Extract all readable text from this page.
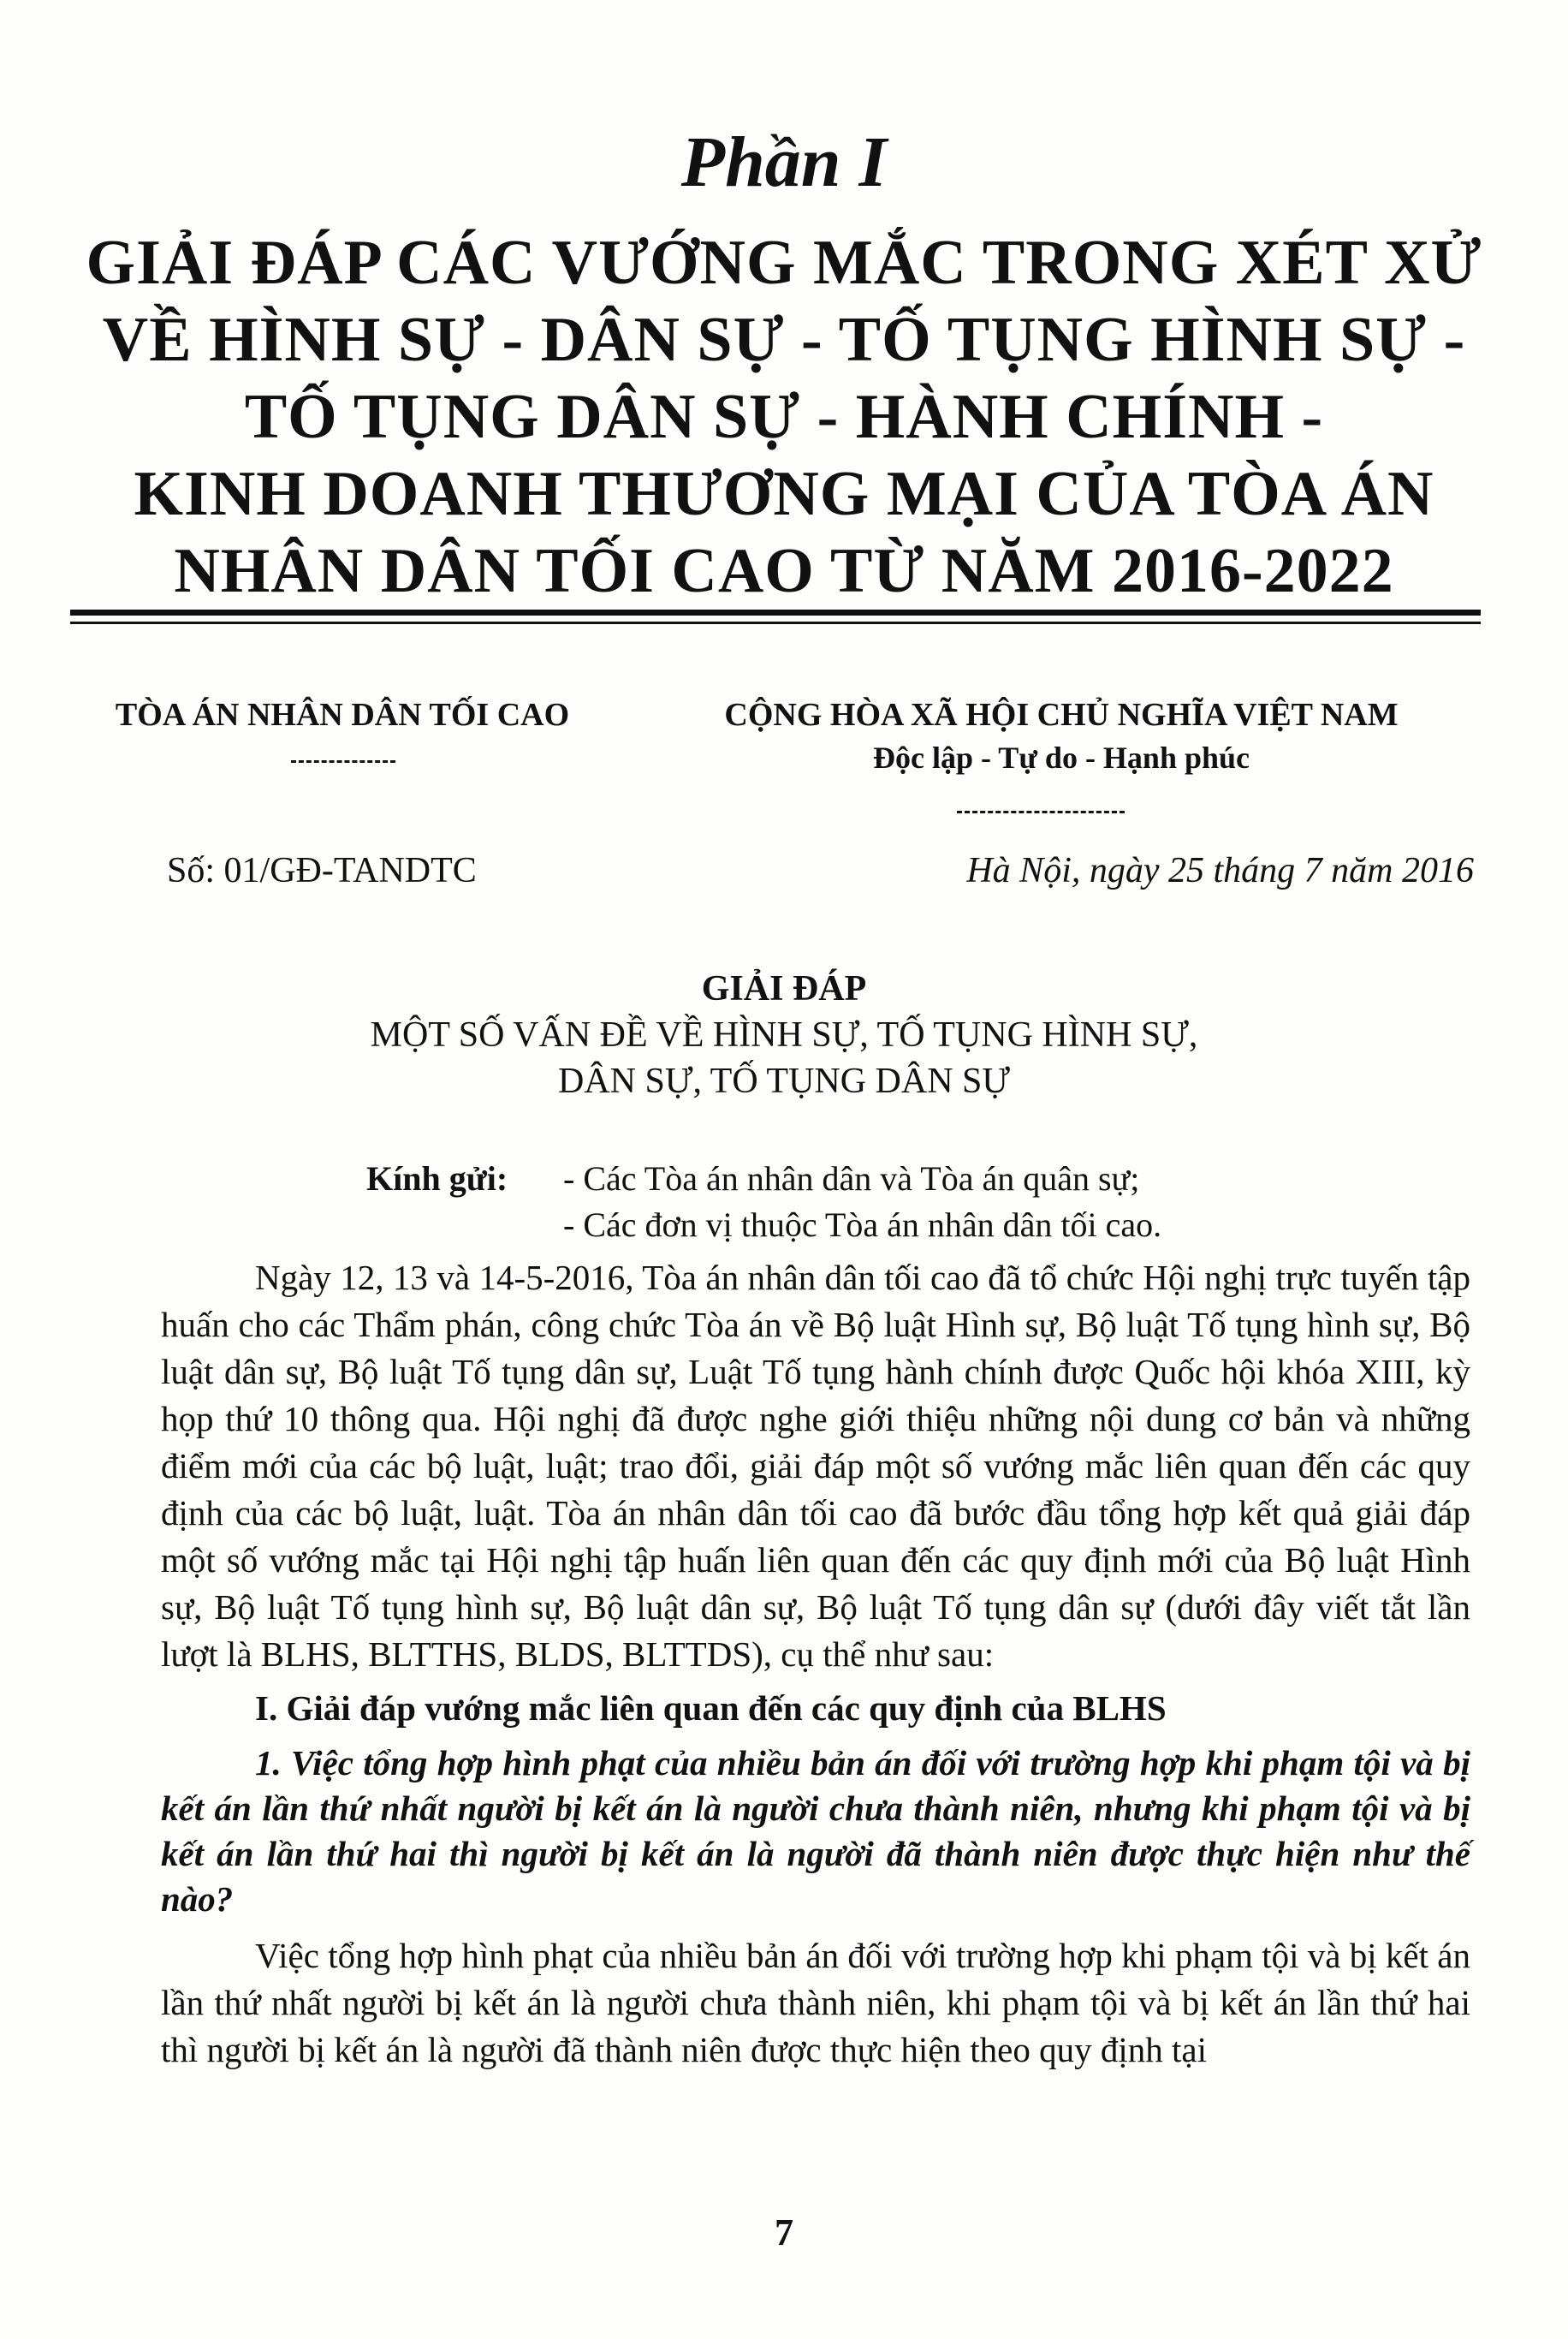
Phần I
GIẢI ĐÁP CÁC VƯỚNG MẮC TRONG XÉT XỬ
VỀ HÌNH SỰ - DÂN SỰ - TỐ TỤNG HÌNH SỰ -
TỐ TỤNG DÂN SỰ - HÀNH CHÍNH -
KINH DOANH THƯƠNG MẠI CỦA TÒA ÁN
NHÂN DÂN TỐI CAO TỪ NĂM 2016-2022
TÒA ÁN NHÂN DÂN TỐI CAO	CỘNG HÒA XÃ HỘI CHỦ NGHĨA VIỆT NAM
Độc lập - Tự do - Hạnh phúc
Số: 01/GĐ-TANDTC	Hà Nội, ngày 25 tháng 7 năm 2016
GIẢI ĐÁP
MỘT SỐ VẤN ĐỀ VỀ HÌNH SỰ, TỐ TỤNG HÌNH SỰ,
DÂN SỰ, TỐ TỤNG DÂN SỰ
Kính gửi: - Các Tòa án nhân dân và Tòa án quân sự;
- Các đơn vị thuộc Tòa án nhân dân tối cao.

Ngày 12, 13 và 14-5-2016, Tòa án nhân dân tối cao đã tổ chức Hội nghị trực tuyến tập huấn cho các Thẩm phán, công chức Tòa án về Bộ luật Hình sự, Bộ luật Tố tụng hình sự, Bộ luật dân sự, Bộ luật Tố tụng dân sự, Luật Tố tụng hành chính được Quốc hội khóa XIII, kỳ họp thứ 10 thông qua. Hội nghị đã được nghe giới thiệu những nội dung cơ bản và những điểm mới của các bộ luật, luật; trao đổi, giải đáp một số vướng mắc liên quan đến các quy định của các bộ luật, luật. Tòa án nhân dân tối cao đã bước đầu tổng hợp kết quả giải đáp một số vướng mắc tại Hội nghị tập huấn liên quan đến các quy định mới của Bộ luật Hình sự, Bộ luật Tố tụng hình sự, Bộ luật dân sự, Bộ luật Tố tụng dân sự (dưới đây viết tắt lần lượt là BLHS, BLTTHS, BLDS, BLTTDS), cụ thể như sau:

I. Giải đáp vướng mắc liên quan đến các quy định của BLHS

1. Việc tổng hợp hình phạt của nhiều bản án đối với trường hợp khi phạm tội và bị kết án lần thứ nhất người bị kết án là người chưa thành niên, nhưng khi phạm tội và bị kết án lần thứ hai thì người bị kết án là người đã thành niên được thực hiện như thế nào?

Việc tổng hợp hình phạt của nhiều bản án đối với trường hợp khi phạm tội và bị kết án lần thứ nhất người bị kết án là người chưa thành niên, khi phạm tội và bị kết án lần thứ hai thì người bị kết án là người đã thành niên được thực hiện theo quy định tại

7
